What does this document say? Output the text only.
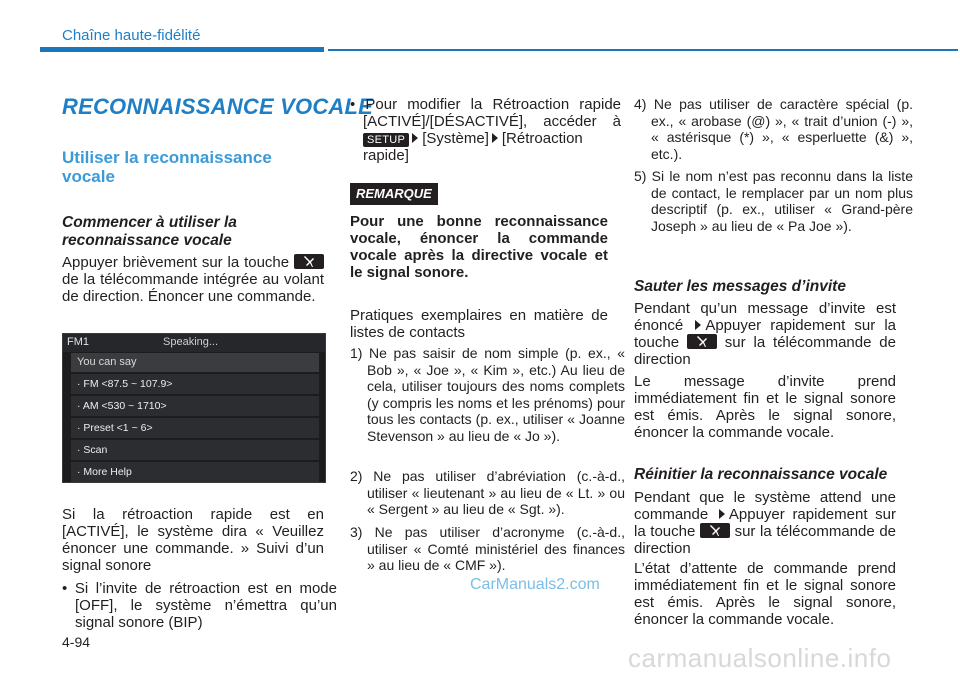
Chaîne haute-fidélité
RECONNAISSANCE VOCALE
Utiliser la reconnaissance vocale
Commencer à utiliser la reconnaissance vocale
Appuyer brièvement sur la touche
de la télécommande intégrée au volant de direction. Énoncer une commande.
FM1	Speaking...
You can say
· FM <87.5 ~ 107.9>
· AM <530 ~ 1710>
· Preset <1 ~ 6>
· Scan
· More Help
Si la rétroaction rapide est en [ACTIVÉ], le système dira « Veuillez énoncer une commande. » Suivi d’un signal sonore
• Si l’invite de rétroaction est en mode [OFF], le système n’émettra qu’un signal sonore (BIP)
• Pour modifier la Rétroaction rapide [ACTIVÉ]/[DÉSACTIVÉ], accéder à SETUP [Système] [Rétroaction rapide]
REMARQUE
Pour une bonne reconnaissance vocale, énoncer la commande vocale après la directive vocale et le signal sonore.
Pratiques exemplaires en matière de listes de contacts
1) Ne pas saisir de nom simple (p. ex., « Bob », « Joe », « Kim », etc.) Au lieu de cela, utiliser toujours des noms complets (y compris les noms et les prénoms) pour tous les contacts (p. ex., utiliser « Joanne Stevenson » au lieu de « Jo »).
2) Ne pas utiliser d’abréviation (c.-à-d., utiliser « lieutenant » au lieu de « Lt. » ou « Sergent » au lieu de « Sgt. »).
3) Ne pas utiliser d’acronyme (c.-à-d., utiliser « Comté ministériel des finances » au lieu de « CMF »).
4) Ne pas utiliser de caractère spécial (p. ex., « arobase (@) », « trait d’union (-) », « astérisque (*) », « esperluette (&) », etc.).
5) Si le nom n’est pas reconnu dans la liste de contact, le remplacer par un nom plus descriptif (p. ex., utiliser « Grand-père Joseph » au lieu de « Pa Joe »).
Sauter les messages d’invite
Pendant qu’un message d’invite est énoncé Appuyer rapidement sur la touche	sur la télécommande de direction
Le message d’invite prend immédiatement fin et le signal sonore est émis. Après le signal sonore, énoncer la commande vocale.
Réinitier la reconnaissance vocale
Pendant que le système attend une commande Appuyer rapidement sur la touche	sur la télécommande de direction
L’état d’attente de commande prend immédiatement fin et le signal sonore est émis. Après le signal sonore, énoncer la commande vocale.
CarManuals2.com
4-94
carmanualsonline.info
